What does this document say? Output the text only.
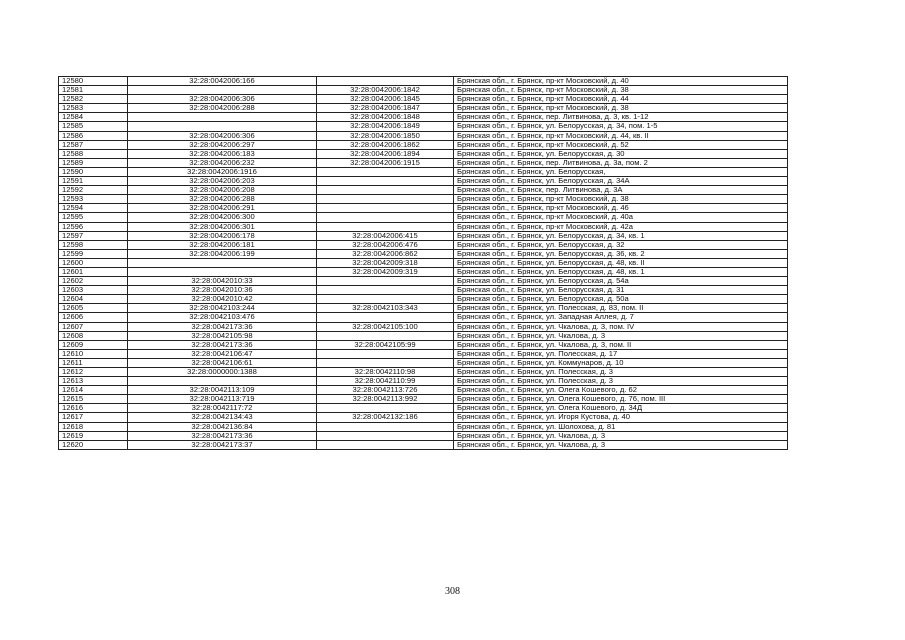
12580	32:28:0042006:166		Брянская обл., г. Брянск, пр-кт Московский, д. 40
12581		32:28:0042006:1842	Брянская обл., г. Брянск, пр-кт Московский, д. 38
12582	32:28:0042006:306	32:28:0042006:1845	Брянская обл., г. Брянск, пр-кт Московский, д. 44
12583	32:28:0042006:288	32:28:0042006:1847	Брянская обл., г. Брянск, пр-кт Московский, д. 38
12584		32:28:0042006:1848	Брянская обл., г. Брянск, пер. Литвинова, д. 3, кв. 1-12
12585		32:28:0042006:1849	Брянская обл., г. Брянск, ул. Белорусская, д. 34, пом. 1-5
12586	32:28:0042006:306	32:28:0042006:1850	Брянская обл., г. Брянск, пр-кт Московский, д. 44, кв. II
12587	32:28:0042006:297	32:28:0042006:1862	Брянская обл., г. Брянск, пр-кт Московский, д. 52
12588	32:28:0042006:183	32:28:0042006:1894	Брянская обл., г. Брянск, ул. Белорусская, д. 30
12589	32:28:0042006:232	32:28:0042006:1915	Брянская обл., г. Брянск, пер. Литвинова, д. 3а, пом. 2
12590	32:28:0042006:1916		Брянская обл., г. Брянск, ул. Белорусская,
12591	32:28:0042006:203		Брянская обл., г. Брянск, ул. Белорусская, д. 34А
12592	32:28:0042006:208		Брянская обл., г. Брянск, пер. Литвинова, д. 3А
12593	32:28:0042006:288		Брянская обл., г. Брянск, пр-кт Московский, д. 38
12594	32:28:0042006:291		Брянская обл., г. Брянск, пр-кт Московский, д. 46
12595	32:28:0042006:300		Брянская обл., г. Брянск, пр-кт Московский, д. 40а
12596	32:28:0042006:301		Брянская обл., г. Брянск, пр-кт Московский, д. 42а
12597	32:28:0042006:178	32:28:0042006:415	Брянская обл., г. Брянск, ул. Белорусская, д. 34, кв. 1
12598	32:28:0042006:181	32:28:0042006:476	Брянская обл., г. Брянск, ул. Белорусская, д. 32
12599	32:28:0042006:199	32:28:0042006:862	Брянская обл., г. Брянск, ул. Белорусская, д. 36, кв. 2
12600		32:28:0042009:318	Брянская обл., г. Брянск, ул. Белорусская, д. 48, кв. II
12601		32:28:0042009:319	Брянская обл., г. Брянск, ул. Белорусская, д. 48, кв. 1
12602	32:28:0042010:33		Брянская обл., г. Брянск, ул. Белорусская, д. 54а
12603	32:28:0042010:36		Брянская обл., г. Брянск, ул. Белорусская, д. 31
12604	32:28:0042010:42		Брянская обл., г. Брянск, ул. Белорусская, д. 50а
12605	32:28:0042103:244	32:28:0042103:343	Брянская обл., г. Брянск, ул. Полесская, д. 83, пом. II
12606	32:28:0042103:476		Брянская обл., г. Брянск, ул. Западная Аллея, д. 7
12607	32:28:0042173:36	32:28:0042105:100	Брянская обл., г. Брянск, ул. Чкалова, д. 3, пом. IV
12608	32:28:0042105:98		Брянская обл., г. Брянск, ул. Чкалова, д. 3
12609	32:28:0042173:36	32:28:0042105:99	Брянская обл., г. Брянск, ул. Чкалова, д. 3, пом. II
12610	32:28:0042106:47		Брянская обл., г. Брянск, ул. Полесская, д. 17
12611	32:28:0042106:61		Брянская обл., г. Брянск, ул. Коммунаров, д. 10
12612	32:28:0000000:1388	32:28:0042110:98	Брянская обл., г. Брянск, ул. Полесская, д. 3
12613		32:28:0042110:99	Брянская обл., г. Брянск, ул. Полесская, д. 3
12614	32:28:0042113:109	32:28:0042113:726	Брянская обл., г. Брянск, ул. Олега Кошевого, д. 62
12615	32:28:0042113:719	32:28:0042113:992	Брянская обл., г. Брянск, ул. Олега Кошевого, д. 76, пом. III
12616	32:28:0042117:72		Брянская обл., г. Брянск, ул. Олега Кошевого, д. 34Д
12617	32:28:0042134:43	32:28:0042132:186	Брянская обл., г. Брянск, ул. Игоря Кустова, д. 40
12618	32:28:0042136:84		Брянская обл., г. Брянск, ул. Шолохова, д. 81
12619	32:28:0042173:36		Брянская обл., г. Брянск, ул. Чкалова, д. 3
12620	32:28:0042173:37		Брянская обл., г. Брянск, ул. Чкалова, д. 3
308
